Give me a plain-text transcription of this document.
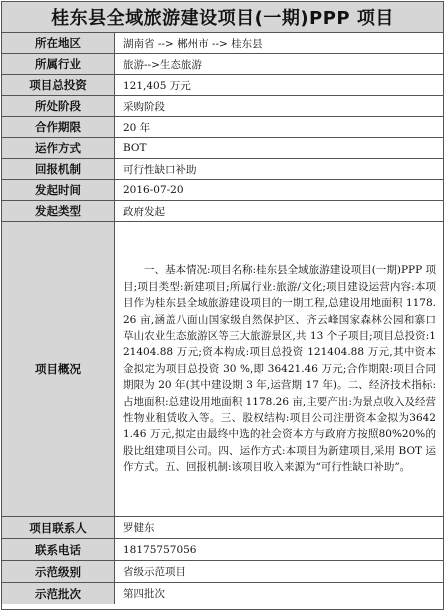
桂东县全域旅游建设项目(一期)PPP 项目
所在地区	湖南省 --> 郴州市 --> 桂东县
所属行业	旅游-->生态旅游
项目总投资	121,405 万元
所处阶段	采购阶段
合作期限	20 年
运作方式	BOT
回报机制	可行性缺口补助
发起时间	2016-07-20
发起类型	政府发起
项目概况	一、基本情况:项目名称:桂东县全域旅游建设项目(一期)PPP 项目;项目类型:新建项目;所属行业:旅游/文化;项目建设运营内容:本项目作为桂东县全域旅游建设项目的一期工程,总建设用地面积 1178.26 亩,涵盖八面山国家级自然保护区、齐云峰国家森林公园和寨口草山农业生态旅游区等三大旅游景区,共 13 个子项目;项目总投资:121404.88 万元;资本构成:项目总投资 121404.88 万元,其中资本金拟定为项目总投资 30 %,即 36421.46 万元;合作期限:项目合同期限为 20 年(其中建设期 3 年,运营期 17 年)。二、经济技术指标:占地面积:总建设用地面积 1178.26 亩,主要产出:为景点收入及经营性物业租赁收入等。三、股权结构:项目公司注册资本金拟为36421.46 万元,拟定由最终中选的社会资本方与政府方按照80%20%的股比组建项目公司。四、运作方式:本项目为新建项目,采用 BOT 运作方式。五、回报机制:该项目收入来源为“可行性缺口补助”。

项目联系人	罗健东
联系电话	18175757056
示范级别	省级示范项目
示范批次	第四批次
